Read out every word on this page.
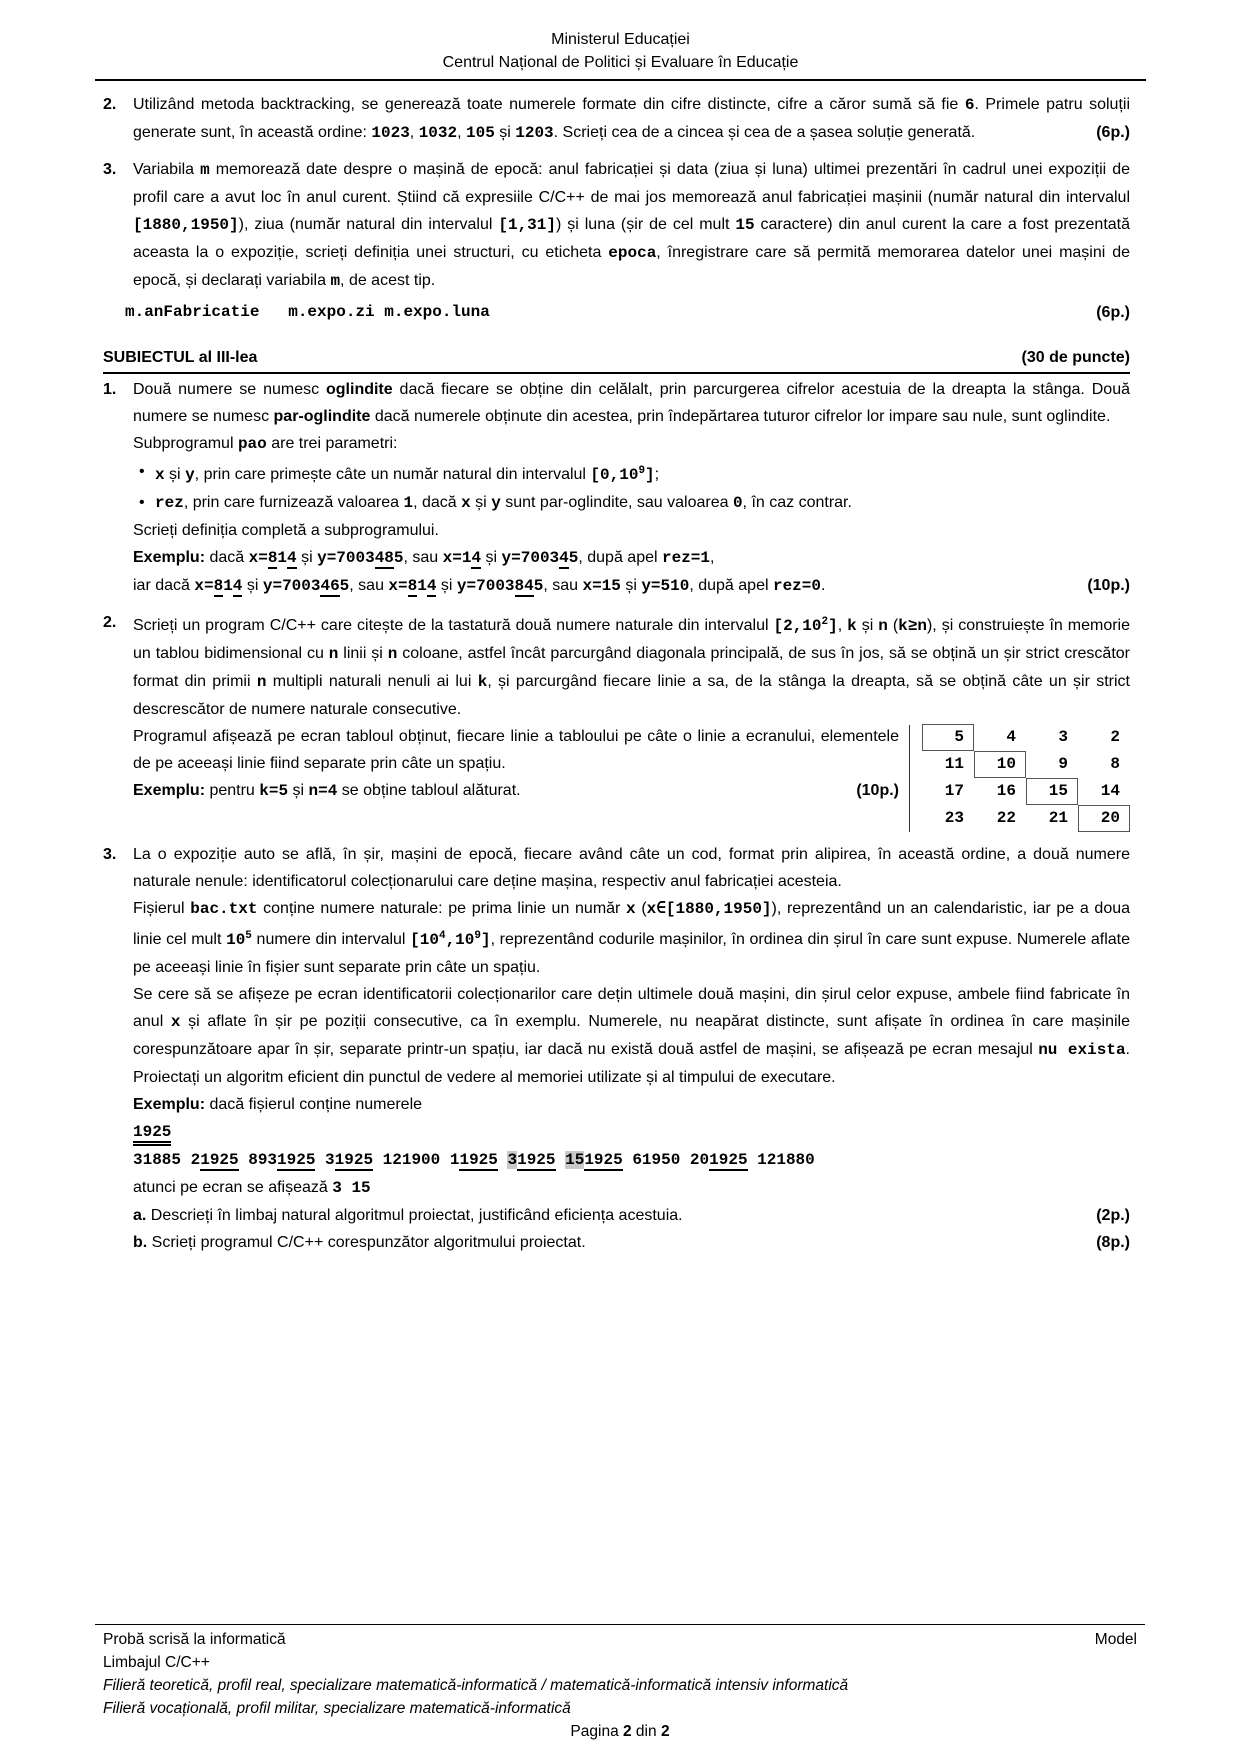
Ministerul Educației
Centrul Național de Politici și Evaluare în Educație
2.	Utilizând metoda backtracking, se generează toate numerele formate din cifre distincte, cifre a căror sumă să fie 6. Primele patru soluții generate sunt, în această ordine: 1023, 1032, 105 și 1203. Scrieți cea de a cincea și cea de a șasea soluție generată.	(6p.)

3.	Variabila m memorează date despre o mașină de epocă: anul fabricației și data (ziua și luna) ultimei prezentări în cadrul unei expoziții de profil care a avut loc în anul curent. Știind că expresiile C/C++ de mai jos memorează anul fabricației mașinii (număr natural din intervalul [1880,1950]), ziua (număr natural din intervalul [1,31]) și luna (șir de cel mult 15 caractere) din anul curent la care a fost prezentată aceasta la o expoziție, scrieți definiția unei structuri, cu eticheta epoca, înregistrare care să permită memorarea datelor unei mașini de epocă, și declarați variabila m, de acest tip.

m.anFabricatie   m.expo.zi m.expo.luna	(6p.)
SUBIECTUL al III-lea	(30 de puncte)
1.	Două numere se numesc oglindite dacă fiecare se obține din celălalt, prin parcurgerea cifrelor acestuia de la dreapta la stânga. Două numere se numesc par-oglindite dacă numerele obținute din acestea, prin îndepărtarea tuturor cifrelor lor impare sau nule, sunt oglindite.

Subprogramul pao are trei parametri:

• x și y, prin care primește câte un număr natural din intervalul [0,10$^9$];

• rez, prin care furnizează valoarea 1, dacă x și y sunt par-oglindite, sau valoarea 0, în caz contrar.

Scrieți definiția completă a subprogramului.

Exemplu: dacă x=814 și y=7003485, sau x=14 și y=700345, după apel rez=1,

iar dacă x=814 și y=7003465, sau x=814 și y=7003845, sau x=15 și y=510, după apel rez=0.	(10p.)
2.	Scrieți un program C/C++ care citește de la tastatură două numere naturale din intervalul [2,10$^2$], k și n (k≥n), și construiește în memorie un tablou bidimensional cu n linii și n coloane, astfel încât parcurgând diagonala principală, de sus în jos, să se obțină un șir strict crescător format din primii n multipli naturali nenuli ai lui k, și parcurgând fiecare linie a sa, de la stânga la dreapta, să se obțină câte un șir strict descrescător de numere naturale consecutive.

Programul afișează pe ecran tabloul obținut, fiecare linie a tabloului pe câte o linie a ecranului, elementele de pe aceeași linie fiind separate prin câte un spațiu.

Exemplu: pentru k=5 și n=4 se obține tabloul alăturat.	(10p.)
5	4	3	2
11	10	9	8
17	16	15	14
23	22	21	20
3.	La o expoziție auto se află, în șir, mașini de epocă, fiecare având câte un cod, format prin alipirea, în această ordine, a două numere naturale nenule: identificatorul colecționarului care deține mașina, respectiv anul fabricației acesteia.

Fișierul bac.txt conține numere naturale: pe prima linie un număr x (x∈[1880,1950]), reprezentând un an calendaristic, iar pe a doua linie cel mult $10^5$ numere din intervalul $[10^4,10^9]$, reprezentând codurile mașinilor, în ordinea din șirul în care sunt expuse. Numerele aflate pe aceeași linie în fișier sunt separate prin câte un spațiu.

Se cere să se afișeze pe ecran identificatorii colecționarilor care dețin ultimele două mașini, din șirul celor expuse, ambele fiind fabricate în anul x și aflate în șir pe poziții consecutive, ca în exemplu. Numerele, nu neapărat distincte, sunt afișate în ordinea în care mașinile corespunzătoare apar în șir, separate printr-un spațiu, iar dacă nu există două astfel de mașini, se afișează pe ecran mesajul nu exista. Proiectați un algoritm eficient din punctul de vedere al memoriei utilizate și al timpului de executare.

Exemplu: dacă fișierul conține numerele

1925

31885 21925 8931925 31925 121900 11925 31925 151925 61950 201925 121880

atunci pe ecran se afișează 3 15

a. Descrieți în limbaj natural algoritmul proiectat, justificând eficiența acestuia.	(2p.)

b. Scrieți programul C/C++ corespunzător algoritmului proiectat.	(8p.)
Probă scrisă la informatică	Model
Limbajul C/C++
Filieră teoretică, profil real, specializare matematică-informatică / matematică-informatică intensiv informatică
Filieră vocațională, profil militar, specializare matematică-informatică
Pagina 2 din 2
